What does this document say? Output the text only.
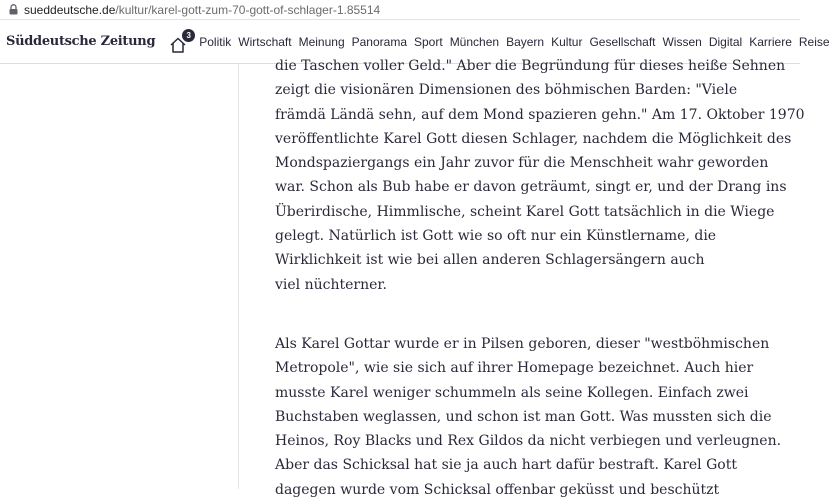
sueddeutsche.de /kultur/karel-gott-zum-70-gott-of-schlager-1.85514
Süddeutsche Zeitung	3 Politik Wirtschaft Meinung Panorama Sport München Bayern Kultur Gesellschaft Wissen Digital Karriere Reise

die Taschen voller Geld." Aber die Begründung für dieses heiße Sehnen
zeigt die visionären Dimensionen des böhmischen Barden: "Viele
främdä Ländä sehn, auf dem Mond spazieren gehn." Am 17. Oktober 1970
veröffentlichte Karel Gott diesen Schlager, nachdem die Möglichkeit des
Mondspaziergangs ein Jahr zuvor für die Menschheit wahr geworden
war. Schon als Bub habe er davon geträumt, singt er, und der Drang ins
Überirdische, Himmlische, scheint Karel Gott tatsächlich in die Wiege
gelegt. Natürlich ist Gott wie so oft nur ein Künstlername, die
Wirklichkeit ist wie bei allen anderen Schlagersängern auch
viel nüchterner.

Als Karel Gottar wurde er in Pilsen geboren, dieser "westböhmischen
Metropole", wie sie sich auf ihrer Homepage bezeichnet. Auch hier
musste Karel weniger schummeln als seine Kollegen. Einfach zwei
Buchstaben weglassen, und schon ist man Gott. Was mussten sich die
Heinos, Roy Blacks und Rex Gildos da nicht verbiegen und verleugnen.
Aber das Schicksal hat sie ja auch hart dafür bestraft. Karel Gott
dagegen wurde vom Schicksal offenbar geküsst und beschützt
